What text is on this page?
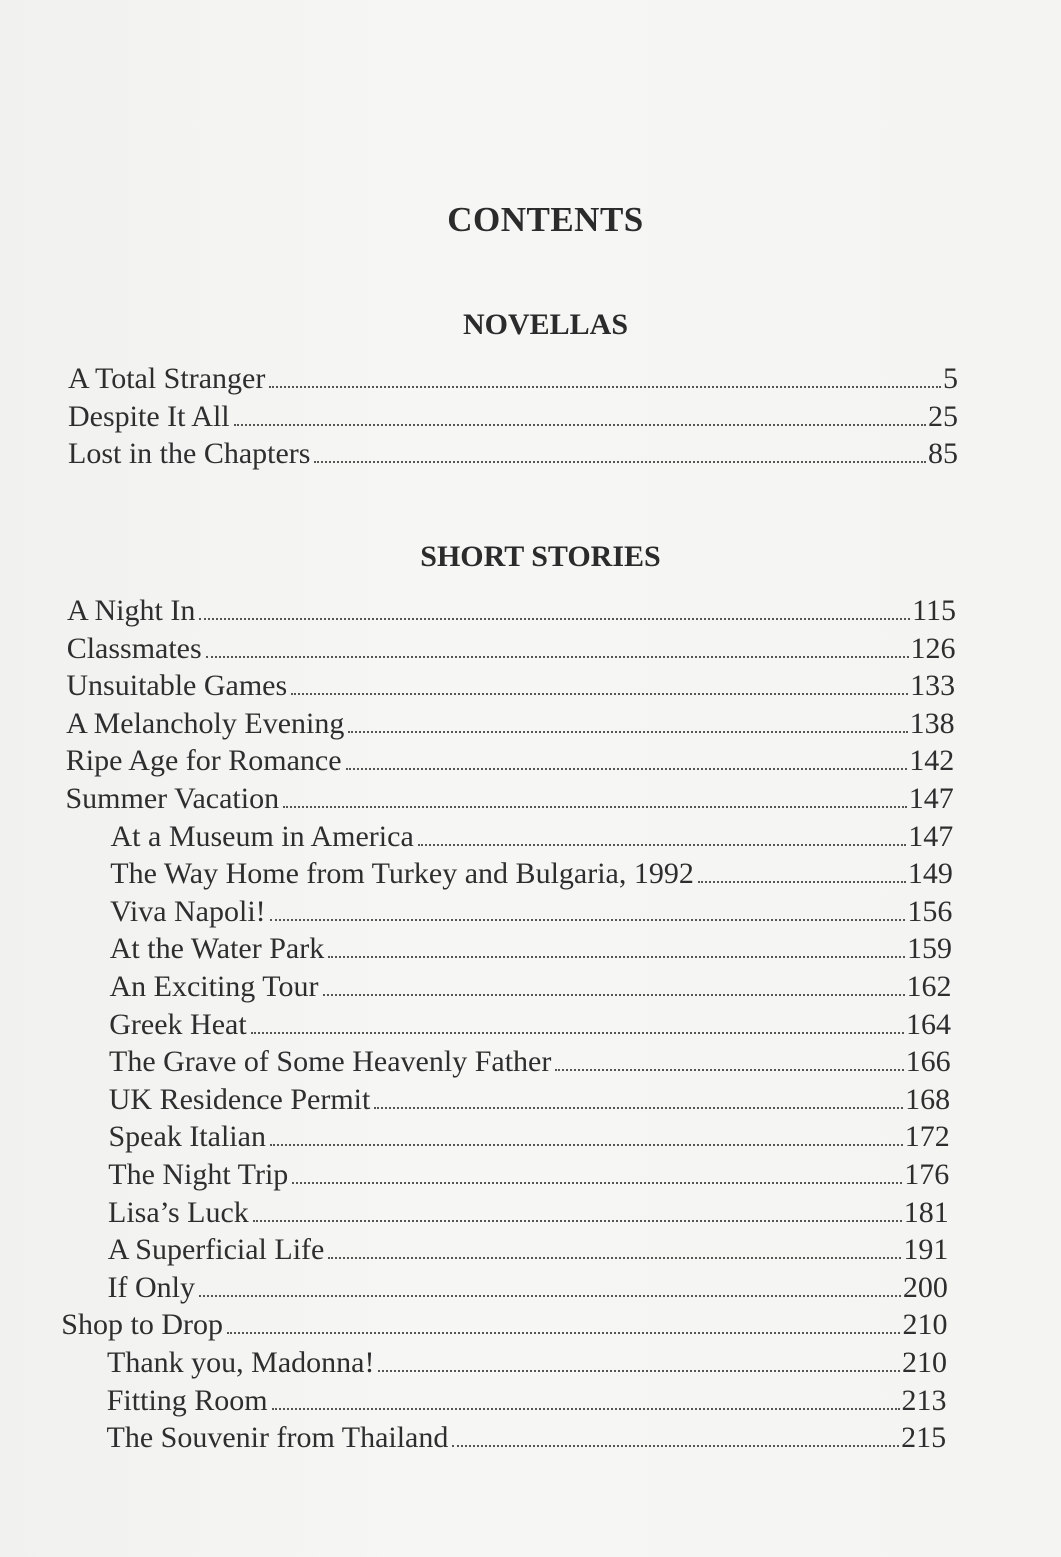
CONTENTS
NOVELLAS
SHORT STORIES
A Total Stranger	5
Despite It All	25
Lost in the Chapters	85
A Night In	115
Classmates	126
Unsuitable Games	133
A Melancholy Evening	138
Ripe Age for Romance	142
Summer Vacation	147
At a Museum in America	147
The Way Home from Turkey and Bulgaria, 1992	149
Viva Napoli!	156
At the Water Park	159
An Exciting Tour	162
Greek Heat	164
The Grave of Some Heavenly Father	166
UK Residence Permit	168
Speak Italian	172
The Night Trip	176
Lisa’s Luck	181
A Superficial Life	191
If Only	200
Shop to Drop	210
Thank you, Madonna!	210
Fitting Room	213
The Souvenir from Thailand	215
